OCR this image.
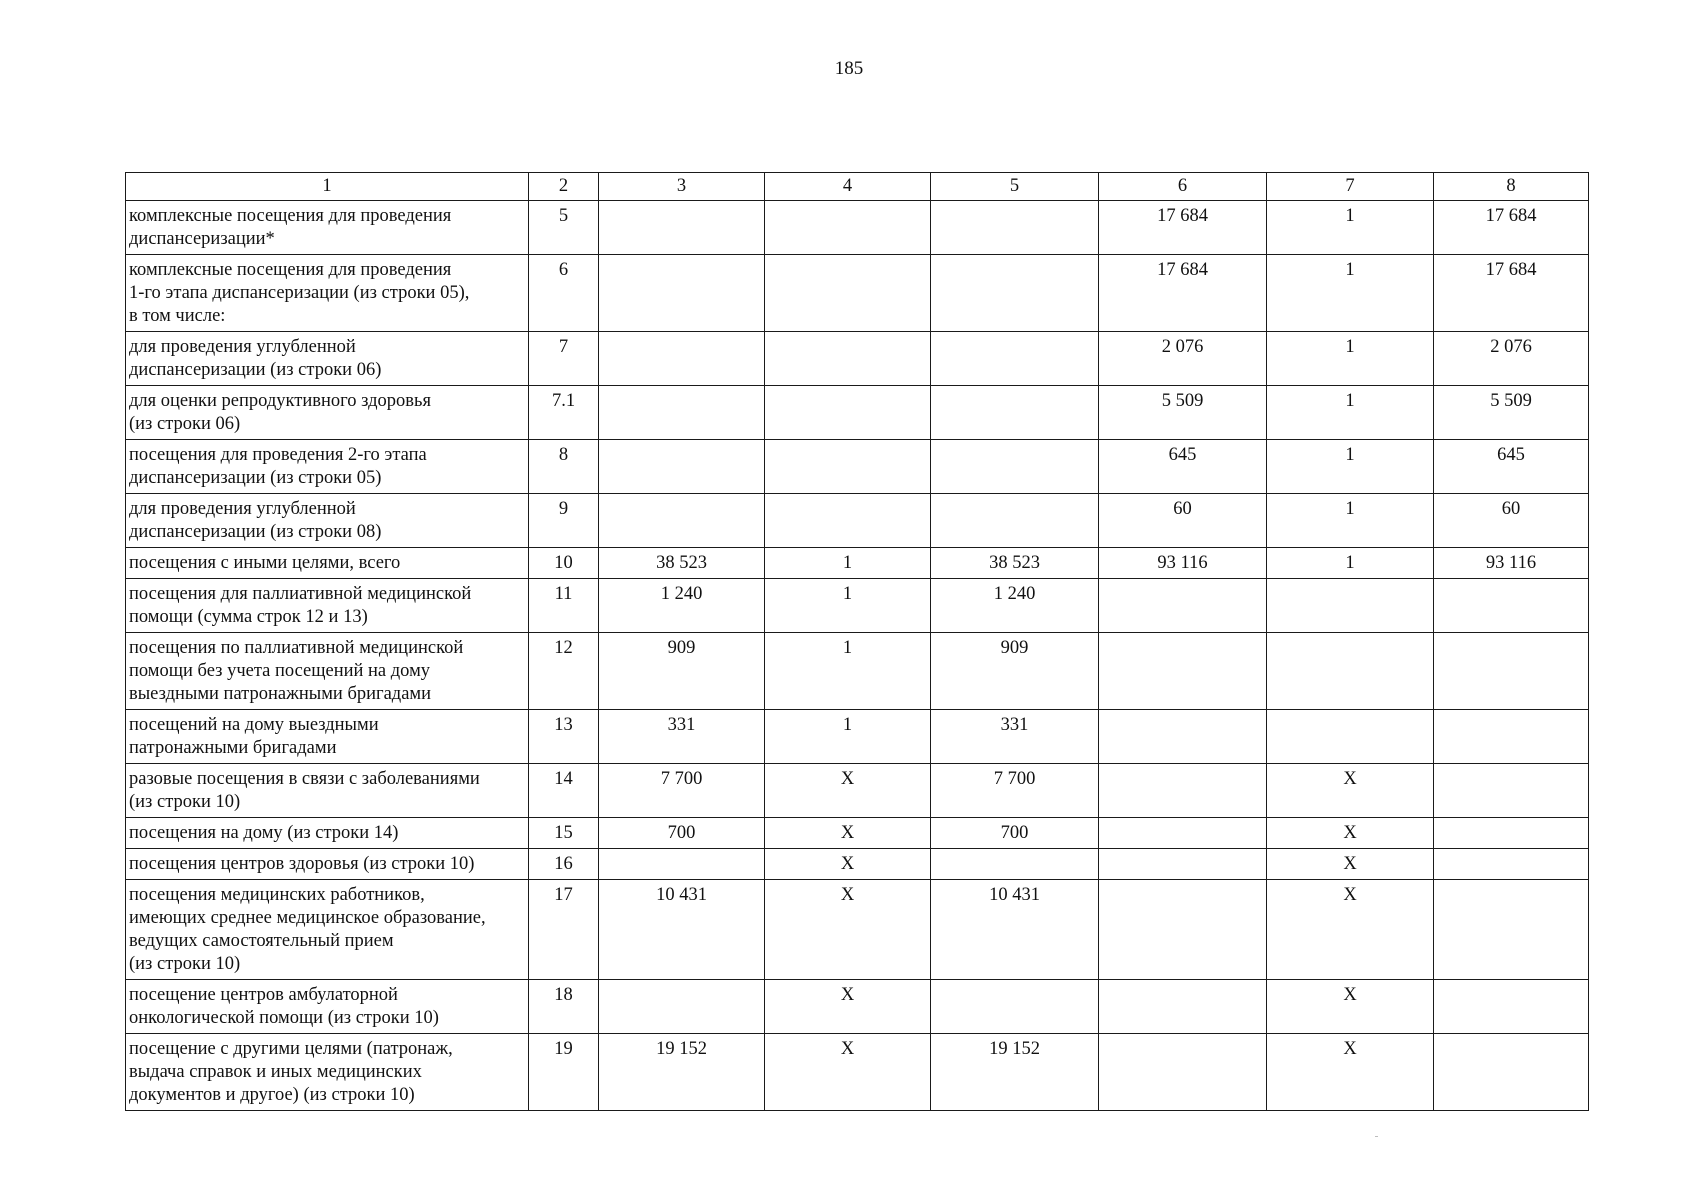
185
1	2	3	4	5	6	7	8
комплексные посещения для проведения
диспансеризации*	5				17 684	1	17 684
комплексные посещения для проведения
1-го этапа диспансеризации (из строки 05),
в том числе:	6				17 684	1	17 684
для проведения углубленной
диспансеризации (из строки 06)	7				2 076	1	2 076
для оценки репродуктивного здоровья
(из строки 06)	7.1				5 509	1	5 509
посещения для проведения 2-го этапа
диспансеризации (из строки 05)	8				645	1	645
для проведения углубленной
диспансеризации (из строки 08)	9				60	1	60
посещения с иными целями, всего	10	38 523	1	38 523	93 116	1	93 116
посещения для паллиативной медицинской
помощи (сумма строк 12 и 13)	11	1 240	1	1 240			
посещения по паллиативной медицинской
помощи без учета посещений на дому
выездными патронажными бригадами	12	909	1	909			
посещений на дому выездными
патронажными бригадами	13	331	1	331			
разовые посещения в связи с заболеваниями
(из строки 10)	14	7 700	X	7 700		X	
посещения на дому (из строки 14)	15	700	X	700		X	
посещения центров здоровья (из строки 10)	16		X			X	
посещения медицинских работников,
имеющих среднее медицинское образование,
ведущих самостоятельный прием
(из строки 10)	17	10 431	X	10 431		X	
посещение центров амбулаторной
онкологической помощи (из строки 10)	18		X			X	
посещение с другими целями (патронаж,
выдача справок и иных медицинских
документов и другое) (из строки 10)	19	19 152	X	19 152		X	
